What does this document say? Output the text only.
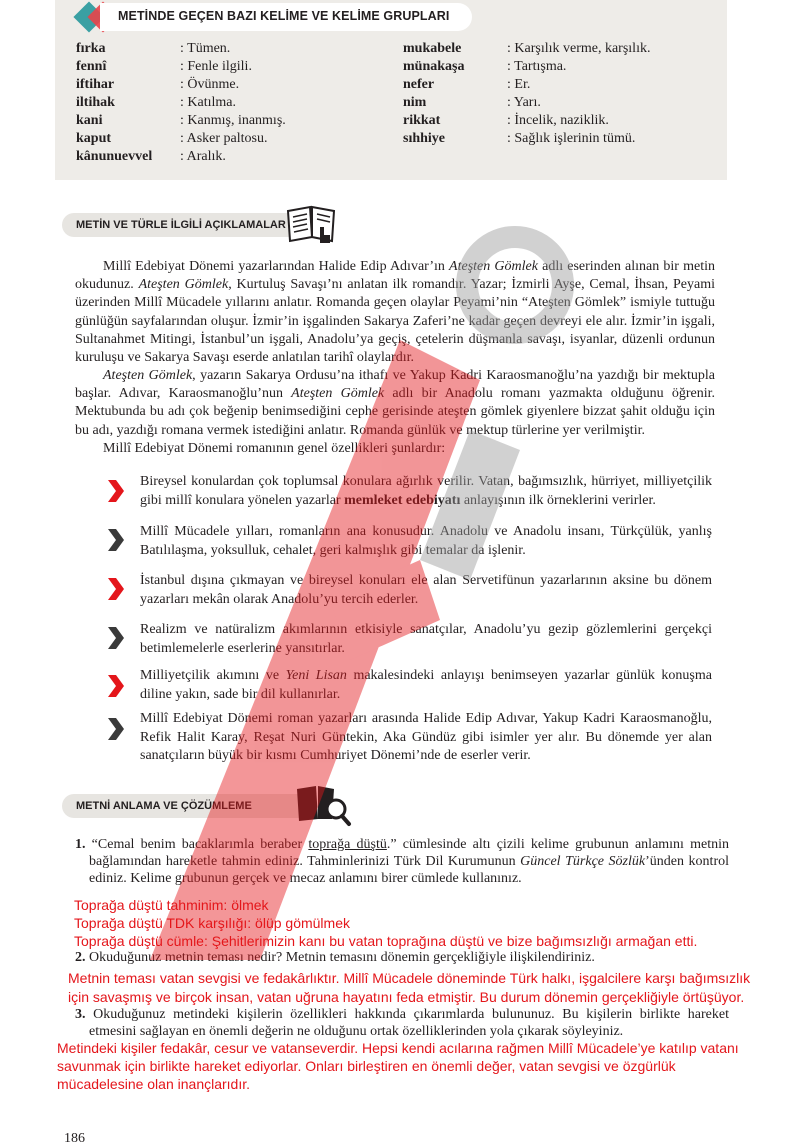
METİNDE GEÇEN BAZI KELİME VE KELİME GRUPLARI
fırka	: Tümen.
fennî	: Fenle ilgili.
iftihar	: Övünme.
iltihak	: Katılma.
kani	: Kanmış, inanmış.
kaput	: Asker paltosu.
kânunuevvel : Aralık.
mukabele	: Karşılık verme, karşılık.
münakaşa	: Tartışma.
nefer	: Er.
nim	: Yarı.
rikkat	: İncelik, naziklik.
sıhhiye	: Sağlık işlerinin tümü.
METİN VE TÜRLE İLGİLİ AÇIKLAMALAR
Millî Edebiyat Dönemi yazarlarından Halide Edip Adıvar’ın Ateşten Gömlek adlı eserinden alınan bir metin okudunuz. Ateşten Gömlek, Kurtuluş Savaşı’nı anlatan ilk romandır. Yazar; İzmirli Ayşe, Cemal, İhsan, Peyami üzerinden Millî Mücadele yıllarını anlatır. Romanda geçen olaylar Peyami’nin “Ateşten Gömlek” ismiyle tuttuğu günlüğün sayfalarından oluşur. İzmir’in işgalinden Sakarya Zaferi’ne kadar geçen devreyi ele alır. İzmir’in işgali, Sultanahmet Mitingi, İstanbul’un işgali, Anadolu’ya geçiş, çetelerin düşmanla savaşı, isyanlar, düzenli ordunun kuruluşu ve Sakarya Savaşı eserde anlatılan tarihî olaylardır.
Ateşten Gömlek, yazarın Sakarya Ordusu’na ithafı ve Yakup Kadri Karaosmanoğlu’na yazdığı bir mektupla başlar. Adıvar, Karaosmanoğlu’nun Ateşten Gömlek adlı bir Anadolu romanı yazmakta olduğunu öğrenir. Mektubunda bu adı çok beğenip benimsediğini cephe gerisinde ateşten gömlek giyenlere bizzat şahit olduğu için bu adı, yazdığı romana vermek istediğini anlatır. Romanda günlük ve mektup türlerine yer verilmiştir.
Millî Edebiyat Dönemi romanının genel özellikleri şunlardır:
Bireysel konulardan çok toplumsal konulara ağırlık verilir. Vatan, bağımsızlık, hürriyet, milliyetçilik gibi millî konulara yönelen yazarlar memleket edebiyatı anlayışının ilk örneklerini verirler.
Millî Mücadele yılları, romanların ana konusudur. Anadolu ve Anadolu insanı, Türkçülük, yanlış Batılılaşma, yoksulluk, cehalet, geri kalmışlık gibi temalar da işlenir.
İstanbul dışına çıkmayan ve bireysel konuları ele alan Servetifünun yazarlarının aksine bu dönem yazarları mekân olarak Anadolu’yu tercih ederler.
Realizm ve natüralizm akımlarının etkisiyle sanatçılar, Anadolu’yu gezip gözlemlerini gerçekçi betimlemelerle eserlerine yansıtırlar.
Milliyetçilik akımını ve Yeni Lisan makalesindeki anlayışı benimseyen yazarlar günlük konuşma diline yakın, sade bir dil kullanırlar.
Millî Edebiyat Dönemi roman yazarları arasında Halide Edip Adıvar, Yakup Kadri Karaosmanoğlu, Refik Halit Karay, Reşat Nuri Güntekin, Aka Gündüz gibi isimler yer alır. Bu dönemde yer alan sanatçıların büyük bir kısmı Cumhuriyet Dönemi’nde de eserler verir.
METNİ ANLAMA VE ÇÖZÜMLEME
1. “Cemal benim bacaklarımla beraber toprağa düştü.” cümlesinde altı çizili kelime grubunun anlamını metnin bağlamından hareketle tahmin ediniz. Tahminlerinizi Türk Dil Kurumunun Güncel Türkçe Sözlük’ünden kontrol ediniz. Kelime grubunun gerçek ve mecaz anlamını birer cümlede kullanınız.
Toprağa düştü tahminim: ölmek
Toprağa düştü TDK karşılığı: ölüp gömülmek
Toprağa düştü cümle: Şehitlerimizin kanı bu vatan toprağına düştü ve bize bağımsızlığı armağan etti.
2. Okuduğunuz metnin teması nedir? Metnin temasını dönemin gerçekliğiyle ilişkilendiriniz.
Metnin teması vatan sevgisi ve fedakârlıktır. Millî Mücadele döneminde Türk halkı, işgalcilere karşı bağımsızlık
için savaşmış ve birçok insan, vatan uğruna hayatını feda etmiştir. Bu durum dönemin gerçekliğiyle örtüşüyor.
3. Okuduğunuz metindeki kişilerin özellikleri hakkında çıkarımlarda bulununuz. Bu kişilerin birlikte hareket etmesini sağlayan en önemli değerin ne olduğunu ortak özelliklerinden yola çıkarak söyleyiniz.
Metindeki kişiler fedakâr, cesur ve vatanseverdir. Hepsi kendi acılarına rağmen Millî Mücadele’ye katılıp vatanı
savunmak için birlikte hareket ediyorlar. Onları birleştiren en önemli değer, vatan sevgisi ve özgürlük
mücadelesine olan inançlarıdır.
186
